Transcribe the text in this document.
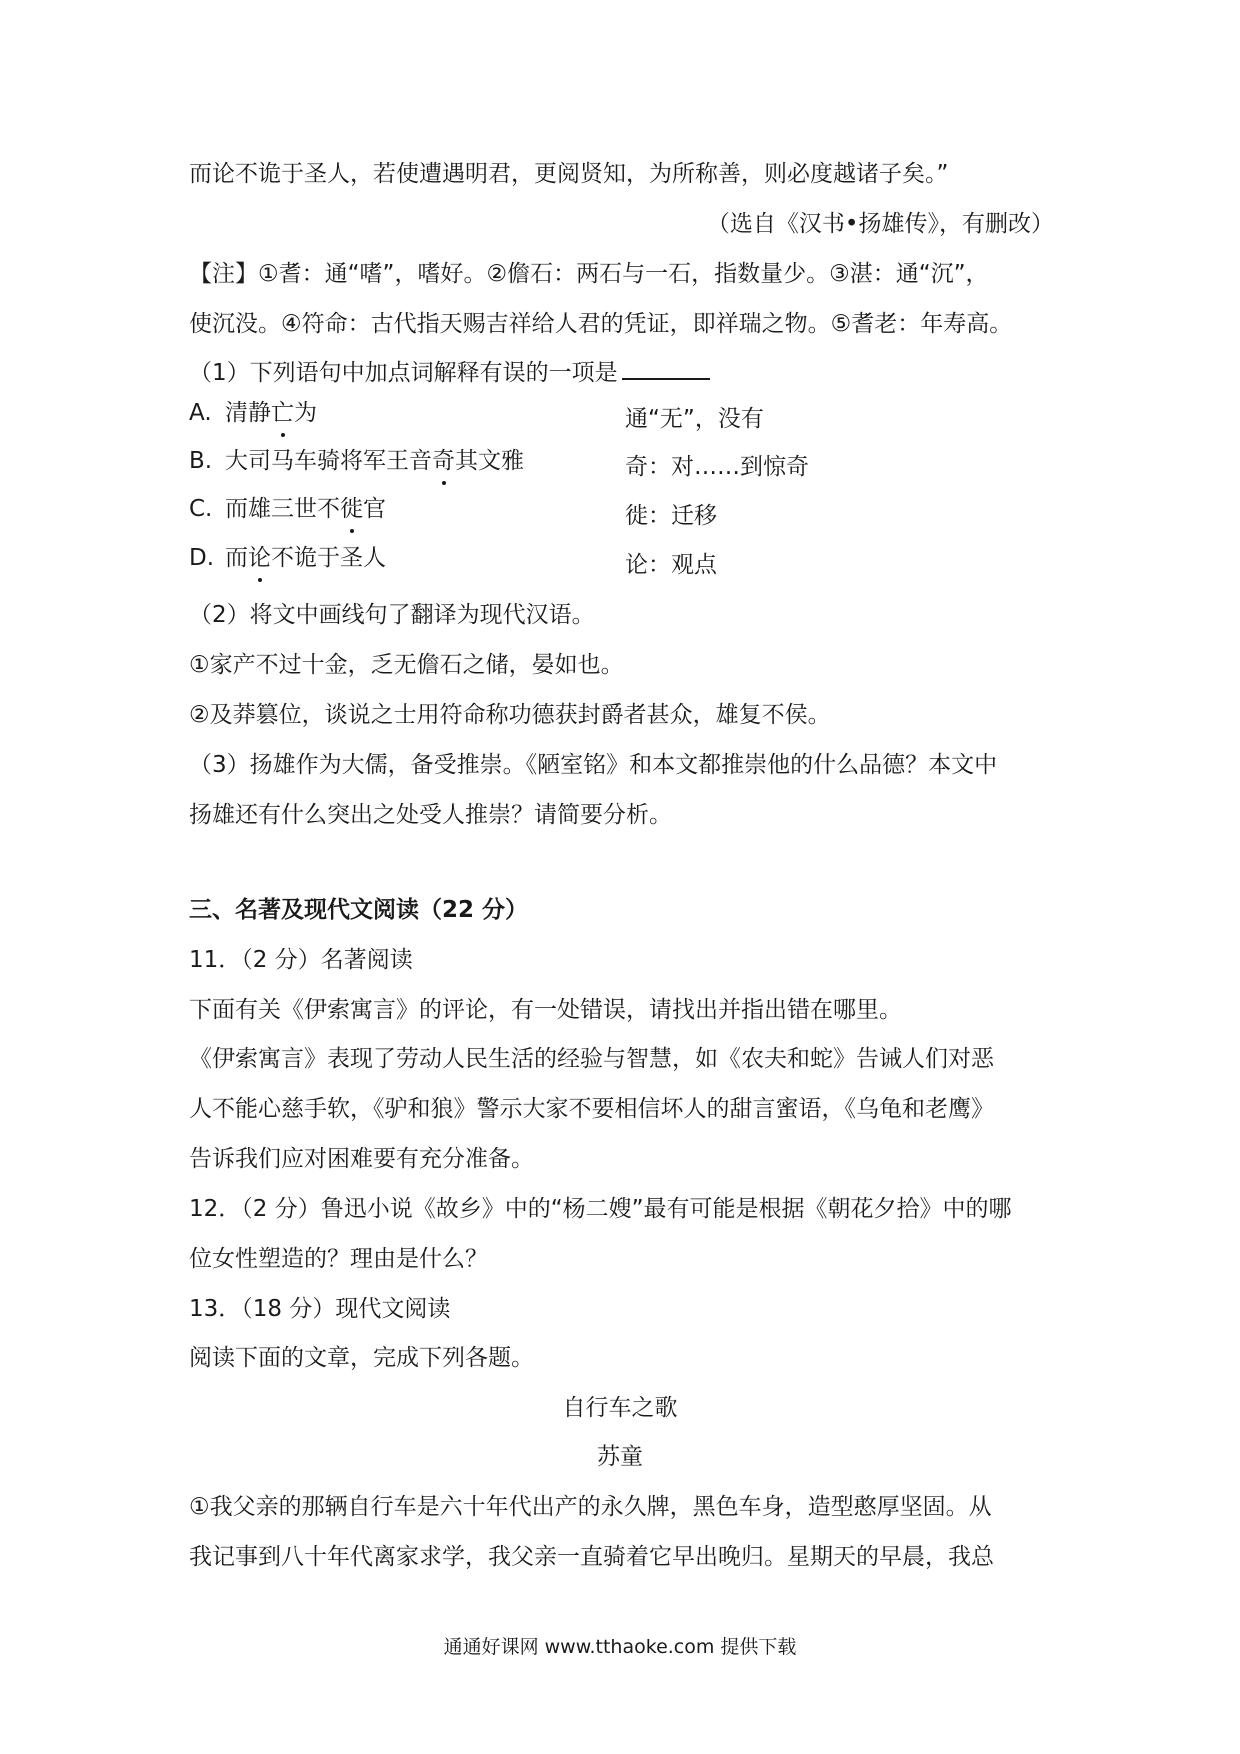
而论不诡于圣人，若使遭遇明君，更阅贤知，为所称善，则必度越诸子矣。”
（选自《汉书•扬雄传》，有删改）
【注】①耆：通“嗜”，嗜好。②儋石：两石与一石，指数量少。③湛：通“沉”，
使沉没。④符命：古代指天赐吉祥给人君的凭证，即祥瑞之物。⑤耆老：年寿高。
（1）下列语句中加点词解释有误的一项是
A. 清静亡为	通“无”，没有
B. 大司马车骑将军王音奇其文雅	奇：对……到惊奇
C. 而雄三世不徙官	徙：迁移
D. 而论不诡于圣人	论：观点
（2）将文中画线句了翻译为现代汉语。
①家产不过十金，乏无儋石之储，晏如也。
②及莽篡位，谈说之士用符命称功德获封爵者甚众，雄复不侯。
（3）扬雄作为大儒，备受推崇。《陋室铭》和本文都推崇他的什么品德？本文中
扬雄还有什么突出之处受人推崇？请简要分析。
三、名著及现代文阅读（22 分）
11．（2 分）名著阅读
下面有关《伊索寓言》的评论，有一处错误，请找出并指出错在哪里。
《伊索寓言》表现了劳动人民生活的经验与智慧，如《农夫和蛇》告诫人们对恶
人不能心慈手软，《驴和狼》警示大家不要相信坏人的甜言蜜语，《乌龟和老鹰》
告诉我们应对困难要有充分准备。
12．（2 分）鲁迅小说《故乡》中的“杨二嫂”最有可能是根据《朝花夕拾》中的哪
位女性塑造的？理由是什么？
13．（18 分）现代文阅读
阅读下面的文章，完成下列各题。
自行车之歌
苏童
①我父亲的那辆自行车是六十年代出产的永久牌，黑色车身，造型憨厚坚固。从
我记事到八十年代离家求学，我父亲一直骑着它早出晚归。星期天的早晨，我总
通通好课网 www.tthaoke.com 提供下载
